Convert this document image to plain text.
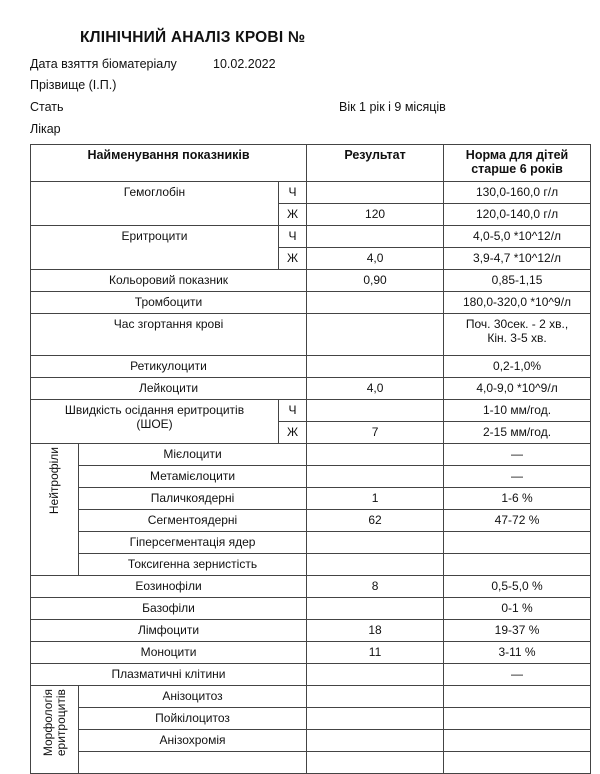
КЛІНІЧНИЙ АНАЛІЗ КРОВІ №
Дата взяття біоматеріалу	10.02.2022
Прізвище (І.П.)
Стать	Вік 1 рік і 9 місяців
Лікар
Найменування показників			Результат	Норма для дітей старше 6 років
Гемоглобін		Ч		130,0-160,0 г/л
		Ж	120	120,0-140,0 г/л
Еритроцити		Ч		4,0-5,0 *10^12/л
		Ж	4,0	3,9-4,7 *10^12/л
Кольоровий показник			0,90	0,85-1,15
Тромбоцити				180,0-320,0 *10^9/л
Час згортання крові				Поч. 30сек. - 2 хв.,
Кін. 3-5 хв.

Ретикулоцити				0,2-1,0%
Лейкоцити			4,0	4,0-9,0 *10^9/л

Швидкість осідання еритроцитів
(ШОЕ)		Ч		1-10 мм/год.
		Ж	7	2-15 мм/год.

Нейтрофіли	Мієлоцити			—
	Метамієлоцити			—
	Паличкоядерні		1	1-6 %
	Сегментоядерні		62	47-72 %
	Гіперсегментація ядер			
	Токсигенна зернистість			
Еозинофіли			8	0,5-5,0 %
Базофіли				0-1 %
Лімфоцити			18	19-37 %
Моноцити			11	3-11 %
Плазматичні клітини				—

Морфологія еритроцитів	Анізоцитоз			
	Пойкілоцитоз			
	Анізохромія			
